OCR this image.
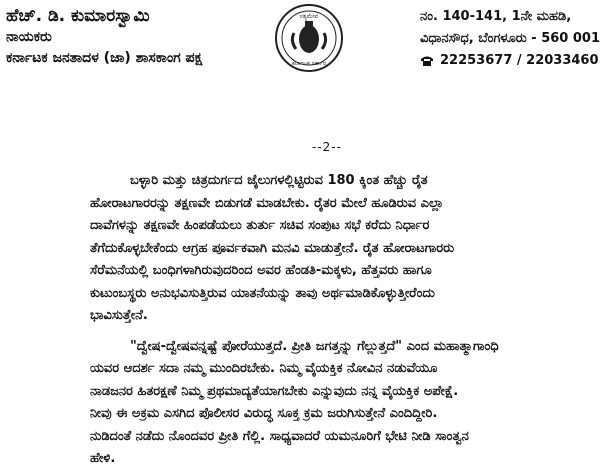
ಹೆಚ್‌. ಡಿ. ಕುಮಾರಸ್ವಾಮಿ
ನಾಯಕರು
ಕರ್ನಾಟಕ ಜನತಾದಳ (ಜಾ) ಶಾಸಕಾಂಗ ಪಕ್ಷ
ಸತ್ಯಮೇವ
ಕರ್ನಾಟಕ ಸರ್ಕಾರ
ನಂ. 140-141, 1ನೇ ಮಹಡಿ,
ವಿಧಾನಸೌಧ, ಬೆಂಗಳೂರು - 560 001
22253677 / 22033460
--2--
ಬಳ್ಳಾರಿ ಮತ್ತು ಚಿತ್ರದುರ್ಗದ ಜೈಲುಗಳಲ್ಲಿಟ್ಟಿರುವ 180 ಕ್ಕಿಂತ ಹೆಚ್ಚು ರೈತ
ಹೋರಾಟಗಾರರನ್ನು ತಕ್ಷಣವೇ ಬಿಡುಗಡೆ ಮಾಡಬೇಕು. ರೈತರ ಮೇಲೆ ಹೂಡಿರುವ ಎಲ್ಲಾ
ದಾವೆಗಳನ್ನು ತಕ್ಷಣವೇ ಹಿಂಪಡೆಯಲು ತುರ್ತು ಸಚಿವ ಸಂಪುಟ ಸಭೆ ಕರೆದು ನಿರ್ಧಾರ
ತೆಗೆದುಕೊಳ್ಳಬೇಕೆಂದು ಆಗ್ರಹ ಪೂರ್ವಕವಾಗಿ ಮನವಿ ಮಾಡುತ್ತೇನೆ. ರೈತ ಹೋರಾಟಗಾರರು
ಸೆರೆಮನೆಯಲ್ಲಿ ಬಂಧಿಗಳಾಗಿರುವುದರಿಂದ ಅವರ ಹೆಂಡತಿ-ಮಕ್ಕಳು, ಹೆತ್ತವರು ಹಾಗೂ
ಕುಟುಂಬಸ್ಥರು ಅನುಭವಿಸುತ್ತಿರುವ ಯಾತನೆಯನ್ನು ತಾವು ಅರ್ಥಮಾಡಿಕೊಳ್ಳುತ್ತೀರೆಂದು
ಭಾವಿಸುತ್ತೇನೆ.
"ದ್ವೇಷ-ದ್ವೇಷವನ್ನಷ್ಟೆ ಪೋರೆಯುತ್ತದೆ. ಪ್ರೀತಿ ಜಗತ್ತನ್ನು ಗೆಲ್ಲುತ್ತದೆ" ಎಂದ ಮಹಾತ್ಮಾಗಾಂಧಿ
ಯವರ ಆದರ್ಶ ಸದಾ ನಮ್ಮ ಮುಂದಿರಬೇಕು. ನಿಮ್ಮ ವೈಯಕ್ತಿಕ ನೋವಿನ ನಡುವೆಯೂ
ನಾಡಜನರ ಹಿತರಕ್ಷಣೆ ನಿಮ್ಮ ಪ್ರಥಮಾದ್ಯತೆಯಾಗಬೇಕು ಎನ್ನುವುದು ನನ್ನ ವೈಯಕ್ತಿಕ ಅಪೇಕ್ಷೆ.
ನೀವು ಈ ಅಕ್ರಮ ಎಸಗಿದ ಪೊಲೀಸರ ವಿರುದ್ಧ ಸೂಕ್ತ ಕ್ರಮ ಜರುಗಿಸುತ್ತೇನೆ ಎಂದಿದ್ದೀರಿ.
ನುಡಿದಂತೆ ನಡೆದು ನೊಂದವರ ಪ್ರೀತಿ ಗೆಲ್ಲಿ. ಸಾಧ್ಯವಾದರೆ ಯಮನೂರಿಗೆ ಭೇಟಿ ನೀಡಿ ಸಾಂತ್ವನ
ಹೇಳಿ.
